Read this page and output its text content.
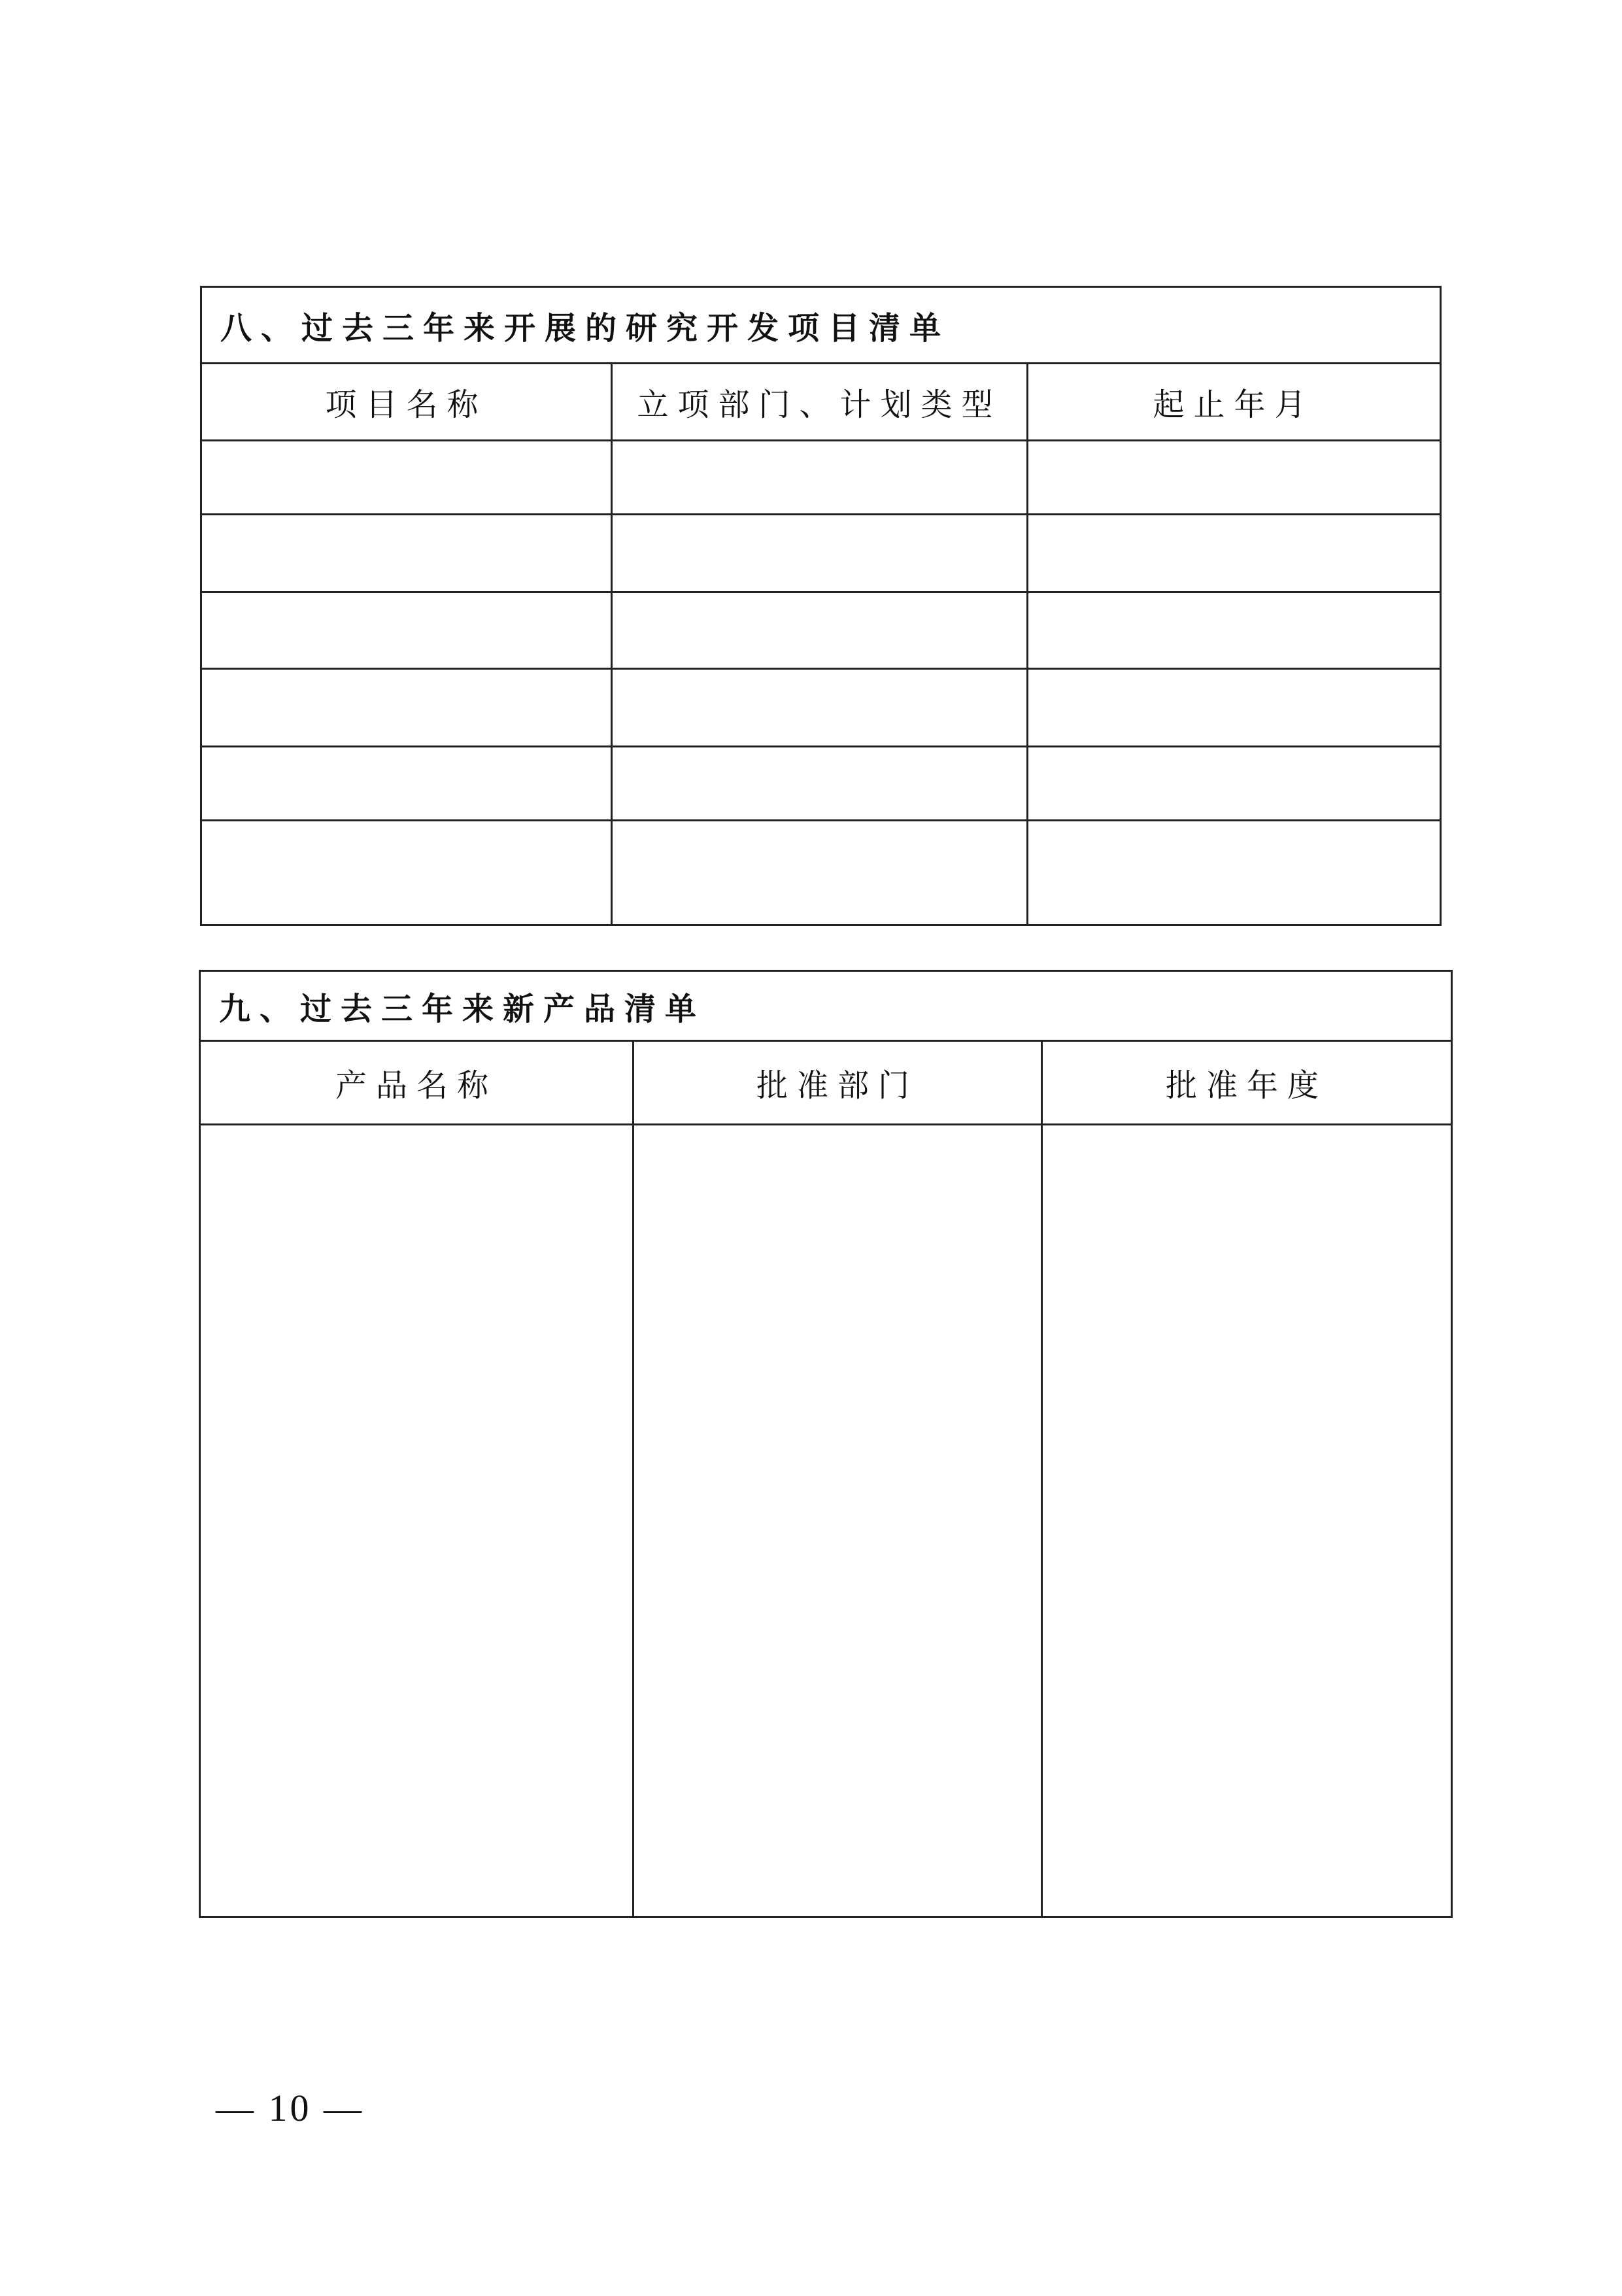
八、过去三年来开展的研究开发项目清单		
项目名称	立项部门、计划类型	起止年月

九、过去三年来新产品清单		
产品名称	批准部门	批准年度

— 10 —
